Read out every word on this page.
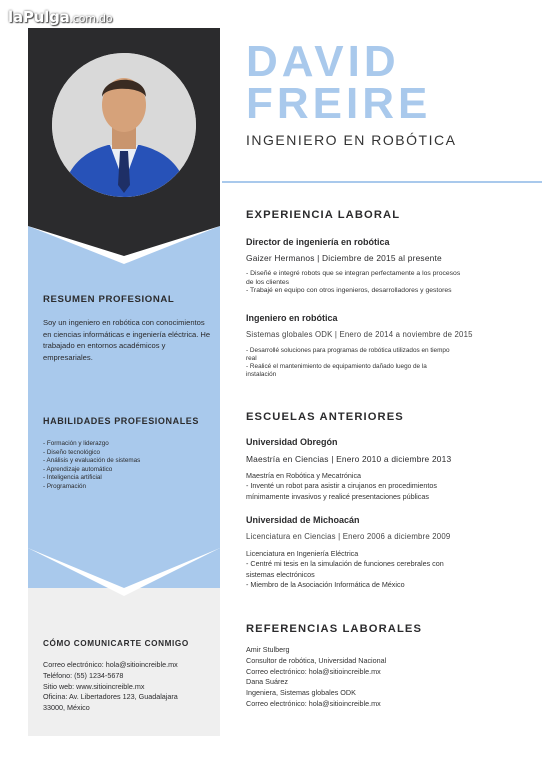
laPulga.com.do
RESUMEN PROFESIONAL
Soy un ingeniero en robótica con conocimientos en ciencias informáticas e ingeniería eléctrica. He trabajado en entornos académicos y empresariales.
HABILIDADES PROFESIONALES
- Formación y liderazgo
- Diseño tecnológico
- Análisis y evaluación de sistemas
- Aprendizaje automático
- Inteligencia artificial
- Programación
CÓMO COMUNICARTE CONMIGO
Correo electrónico: hola@sitioincreible.mx
Teléfono: (55) 1234-5678
Sitio web: www.sitioincreible.mx
Oficina: Av. Libertadores 123, Guadalajara
33000, México
DAVID
FREIRE
INGENIERO EN ROBÓTICA
EXPERIENCIA LABORAL
Director de ingeniería en robótica
Gaizer Hermanos | Diciembre de 2015 al presente
- Diseñé e integré robots que se integran perfectamente a los procesos
de los clientes
- Trabajé en equipo con otros ingenieros, desarrolladores y gestores
Ingeniero en robótica
Sistemas globales ODK | Enero de 2014 a noviembre de 2015
- Desarrollé soluciones para programas de robótica utilizados en tiempo
real
- Realicé el mantenimiento de equipamiento dañado luego de la
instalación
ESCUELAS ANTERIORES
Universidad Obregón
Maestría en Ciencias | Enero 2010 a diciembre 2013
Maestría en Robótica y Mecatrónica
- Inventé un robot para asistir a cirujanos en procedimientos
mínimamente invasivos y realicé presentaciones públicas
Universidad de Michoacán
Licenciatura en Ciencias | Enero 2006 a diciembre 2009
Licenciatura en Ingeniería Eléctrica
- Centré mi tesis en la simulación de funciones cerebrales con
sistemas electrónicos
- Miembro de la Asociación Informática de México
REFERENCIAS LABORALES
Amir Stulberg
Consultor de robótica, Universidad Nacional
Correo electrónico: hola@sitioincreible.mx
Dana Suárez
Ingeniera, Sistemas globales ODK
Correo electrónico: hola@sitioincreible.mx
